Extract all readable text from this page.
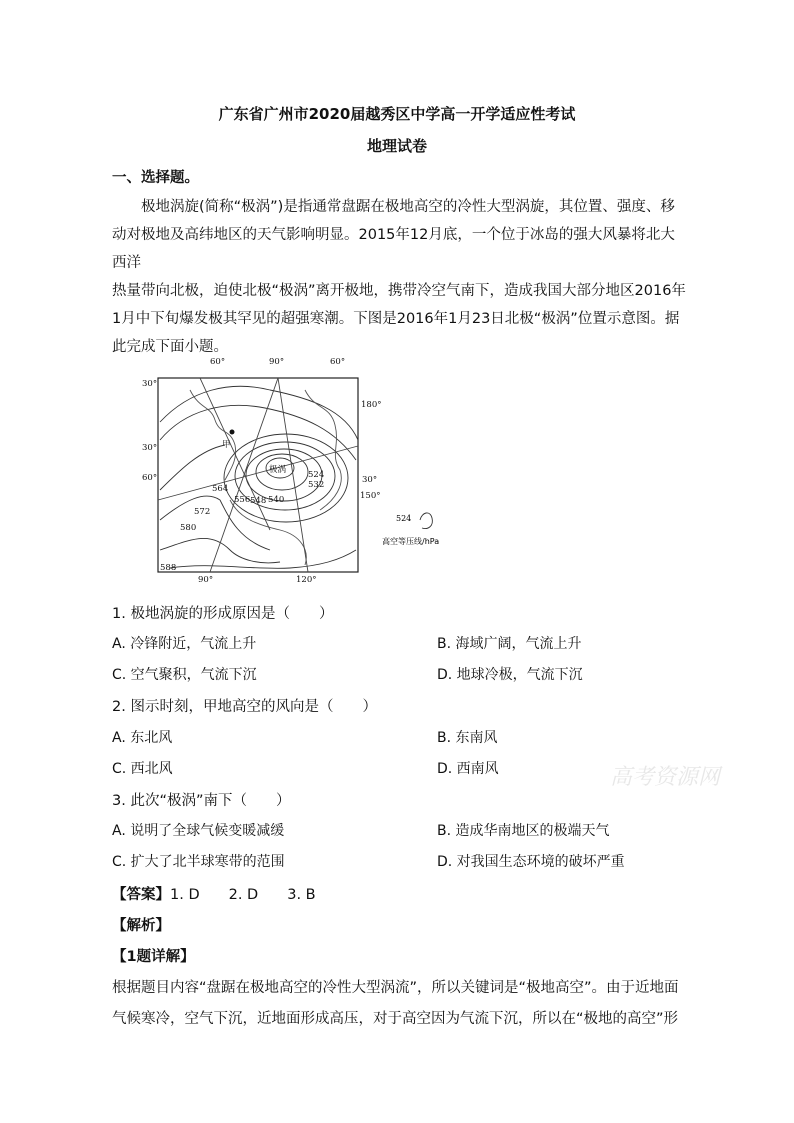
广东省广州市2020届越秀区中学高一开学适应性考试
地理试卷
一、选择题。
极地涡旋(简称“极涡”)是指通常盘踞在极地高空的冷性大型涡旋，其位置、强度、移
动对极地及高纬地区的天气影响明显。2015年12月底，一个位于冰岛的强大风暴将北大西洋
热量带向北极，迫使北极“极涡”离开极地，携带冷空气南下，造成我国大部分地区2016年
1月中下旬爆发极其罕见的超强寒潮。下图是2016年1月23日北极“极涡”位置示意图。据
此完成下面小题。
60°	90°	60°
30°
180°
30°	甲
60°
极涡	524
532
564
556 548 540
30°
150°
572
580
588
90°	120°
524
高空等压线/hPa
1. 极地涡旋的形成原因是（　　）
A. 冷锋附近，气流上升	B. 海域广阔，气流上升
C. 空气聚积，气流下沉	D. 地球冷极，气流下沉
2. 图示时刻，甲地高空的风向是（　　）
A. 东北风	B. 东南风
C. 西北风	D. 西南风	高考资源网
3. 此次“极涡”南下（　　）
A. 说明了全球气候变暖减缓	B. 造成华南地区的极端天气
C. 扩大了北半球寒带的范围	D. 对我国生态环境的破坏严重
【答案】1. D　　2. D　　3. B
【解析】
【1题详解】
根据题目内容“盘踞在极地高空的冷性大型涡流”，所以关键词是“极地高空”。由于近地面
气候寒冷，空气下沉，近地面形成高压，对于高空因为气流下沉，所以在“极地的高空”形
